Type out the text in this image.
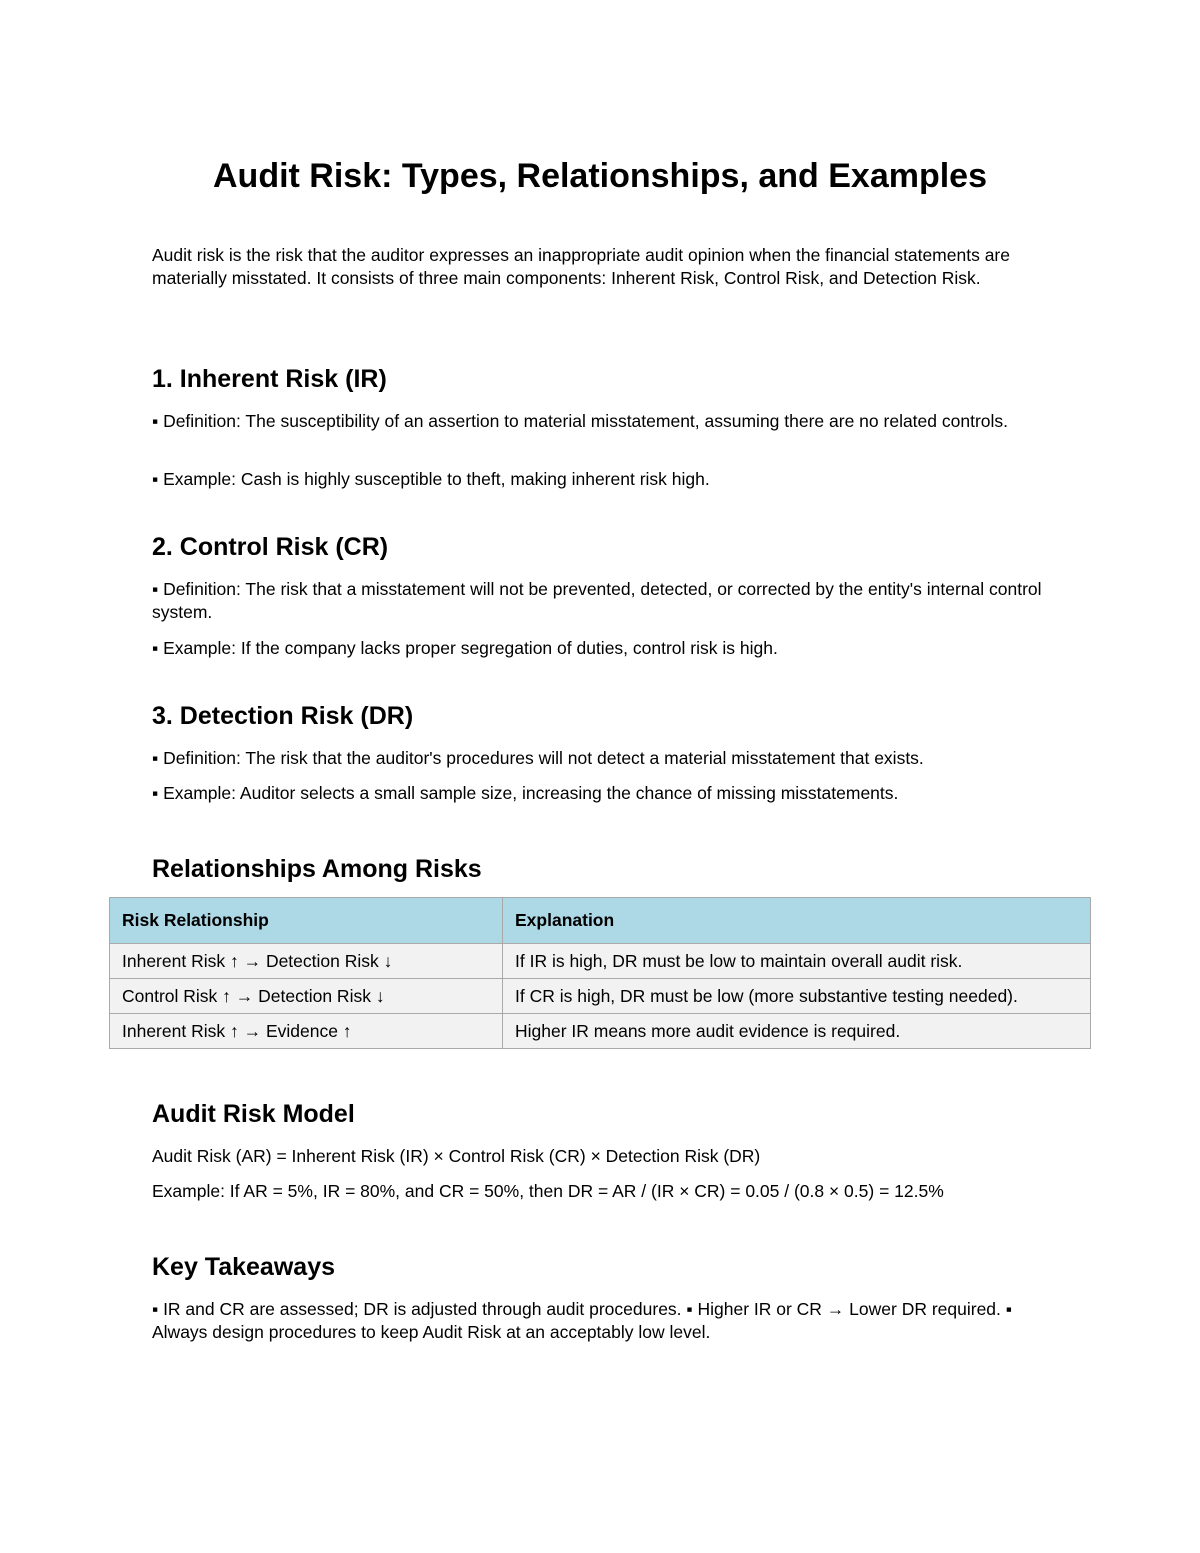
Audit Risk: Types, Relationships, and Examples

Audit risk is the risk that the auditor expresses an inappropriate audit opinion when the financial statements are materially misstated. It consists of three main components: Inherent Risk, Control Risk, and Detection Risk.

1. Inherent Risk (IR)

▪ Definition: The susceptibility of an assertion to material misstatement, assuming there are no related controls.

▪ Example: Cash is highly susceptible to theft, making inherent risk high.

2. Control Risk (CR)

▪ Definition: The risk that a misstatement will not be prevented, detected, or corrected by the entity's internal control system.

▪ Example: If the company lacks proper segregation of duties, control risk is high.

3. Detection Risk (DR)

▪ Definition: The risk that the auditor's procedures will not detect a material misstatement that exists.

▪ Example: Auditor selects a small sample size, increasing the chance of missing misstatements.

Relationships Among Risks
Risk Relationship	Explanation
Inherent Risk ↑ → Detection Risk ↓	If IR is high, DR must be low to maintain overall audit risk.
Control Risk ↑ → Detection Risk ↓	If CR is high, DR must be low (more substantive testing needed).
Inherent Risk ↑ → Evidence ↑	Higher IR means more audit evidence is required.
Audit Risk Model

Audit Risk (AR) = Inherent Risk (IR) × Control Risk (CR) × Detection Risk (DR)

Example: If AR = 5%, IR = 80%, and CR = 50%, then DR = AR / (IR × CR) = 0.05 / (0.8 × 0.5) = 12.5%

Key Takeaways

▪ IR and CR are assessed; DR is adjusted through audit procedures. ▪ Higher IR or CR → Lower DR required. ▪ Always design procedures to keep Audit Risk at an acceptably low level.
